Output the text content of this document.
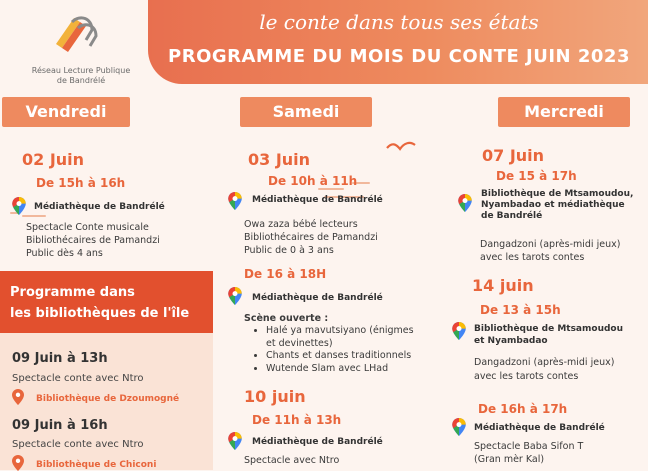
Réseau Lecture Publique
de Bandrélé
le conte dans tous ses états
PROGRAMME DU MOIS DU CONTE JUIN 2023
Vendredi	Samedi	Mercredi
02 Juin
De 15h à 16h
Médiathèque de Bandrélé
Spectacle Conte musicale
Bibliothécaires de Pamandzi
Public dès 4 ans
Programme dans
les bibliothèques de l'île
09 Juin à 13h
Spectacle conte avec Ntro
Bibliothèque de Dzoumogné
09 Juin à 16h
Spectacle conte avec Ntro
Bibliothèque de Chiconi
03 Juin
De 10h à 11h
Médiathèque de Bandrélé
Owa zaza bébé lecteurs
Bibliothécaires de Pamandzi
Public de 0 à 3 ans
De 16 à 18H
Médiathèque de Bandrélé
Scène ouverte :
• Halé ya mavutsiyano (énigmes
et devinettes)
• Chants et danses traditionnels
• Wutende Slam avec LHad
10 juin
De 11h à 13h
Médiathèque de Bandrélé
Spectacle avec Ntro
07 Juin
De 15 à 17h
Bibliothèque de Mtsamoudou,
Nyambadao et médiathèque
de Bandrélé
Dangadzoni (après-midi jeux)
avec les tarots contes
14 juin
De 13 à 15h
Bibliothèque de Mtsamoudou
et Nyambadao
Dangadzoni (après-midi jeux)
avec les tarots contes
De 16h à 17h
Médiathèque de Bandrélé
Spectacle Baba Sifon T
(Gran mèr Kal)
